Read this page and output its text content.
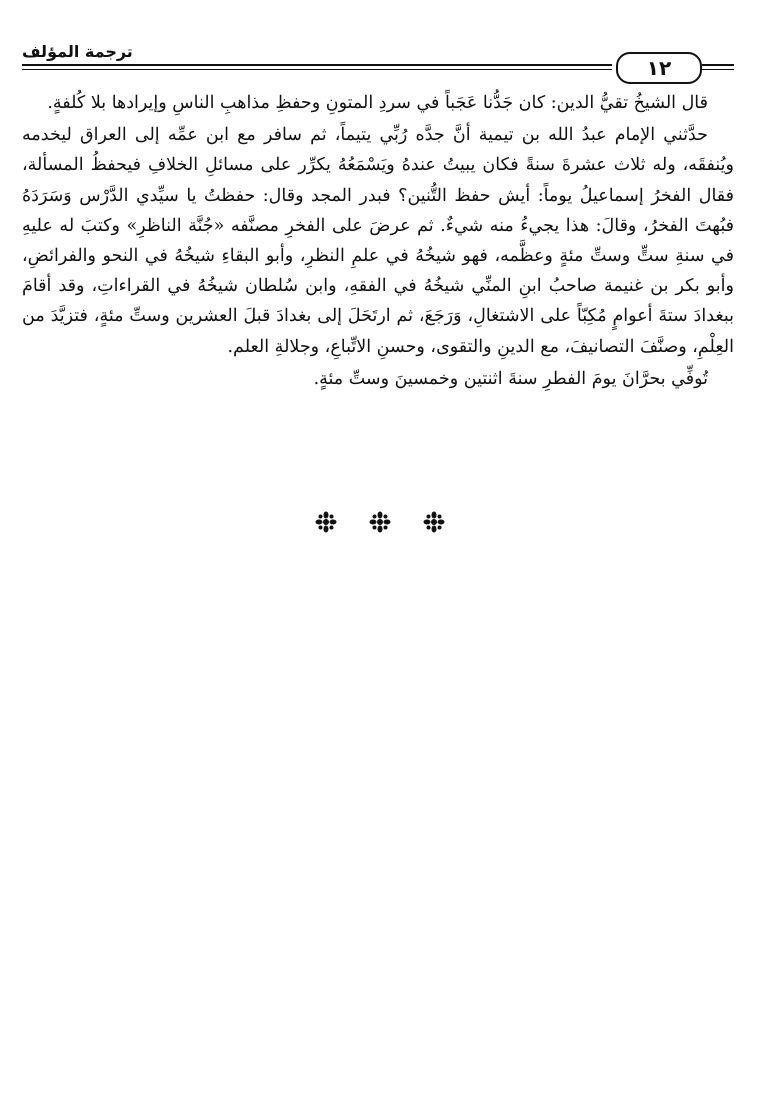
ترجمة المؤلف
١٢

قال الشيخُ تقيُّ الدين: كان جَدُّنا عَجَباً في سردِ المتونِ وحفظِ مذاهبِ الناسِ وإيرادها بلا كُلفةٍ.

حدَّثني الإمام عبدُ الله بن تيمية أنَّ جدَّه رُبِّي يتيماً، ثم سافر مع ابن عمِّه إلى العراق ليخدمه ويُنفقَه، وله ثلاث عشرةَ سنةً فكان يبيتُ عندهُ ويَسْمَعُهُ يكرِّر على مسائلِ الخلافِ فيحفظُ المسألة، فقال الفخرُ إسماعيلُ يوماً: أيش حفظ التُّنين؟ فبدر المجد وقال: حفظتُ يا سيِّدي الدَّرْس وَسَرَدَهُ فبُهتَ الفخرُ، وقالَ: هذا يجيءُ منه شيءٌ. ثم عرضَ على الفخرِ مصنَّفه «جُنَّة الناظرِ» وكتبَ له عليهِ في سنةِ ستٍّ وستِّ مئةٍ وعظَّمه، فهو شيخُهُ في علمِ النظرِ، وأبو البقاءِ شيخُهُ في النحو والفرائضِ، وأبو بكر بن غنيمة صاحبُ ابنِ المنِّي شيخُهُ في الفقهِ، وابن سُلطان شيخُهُ في القراءاتِ، وقد أقامَ ببغدادَ ستةَ أعوامٍ مُكِبّاً على الاشتغالِ، وَرَجَعَ، ثم ارتَحَلَ إلى بغدادَ قبلَ العشرين وستِّ مئةٍ، فتزيَّدَ من العِلْمِ، وصنَّفَ التصانيفَ، مع الدينِ والتقوى، وحسنِ الاتِّباعِ، وجلالةِ العلم.

تُوفِّي بحرَّانَ يومَ الفطرِ سنةَ اثنتين وخمسينَ وستِّ مئةٍ.
